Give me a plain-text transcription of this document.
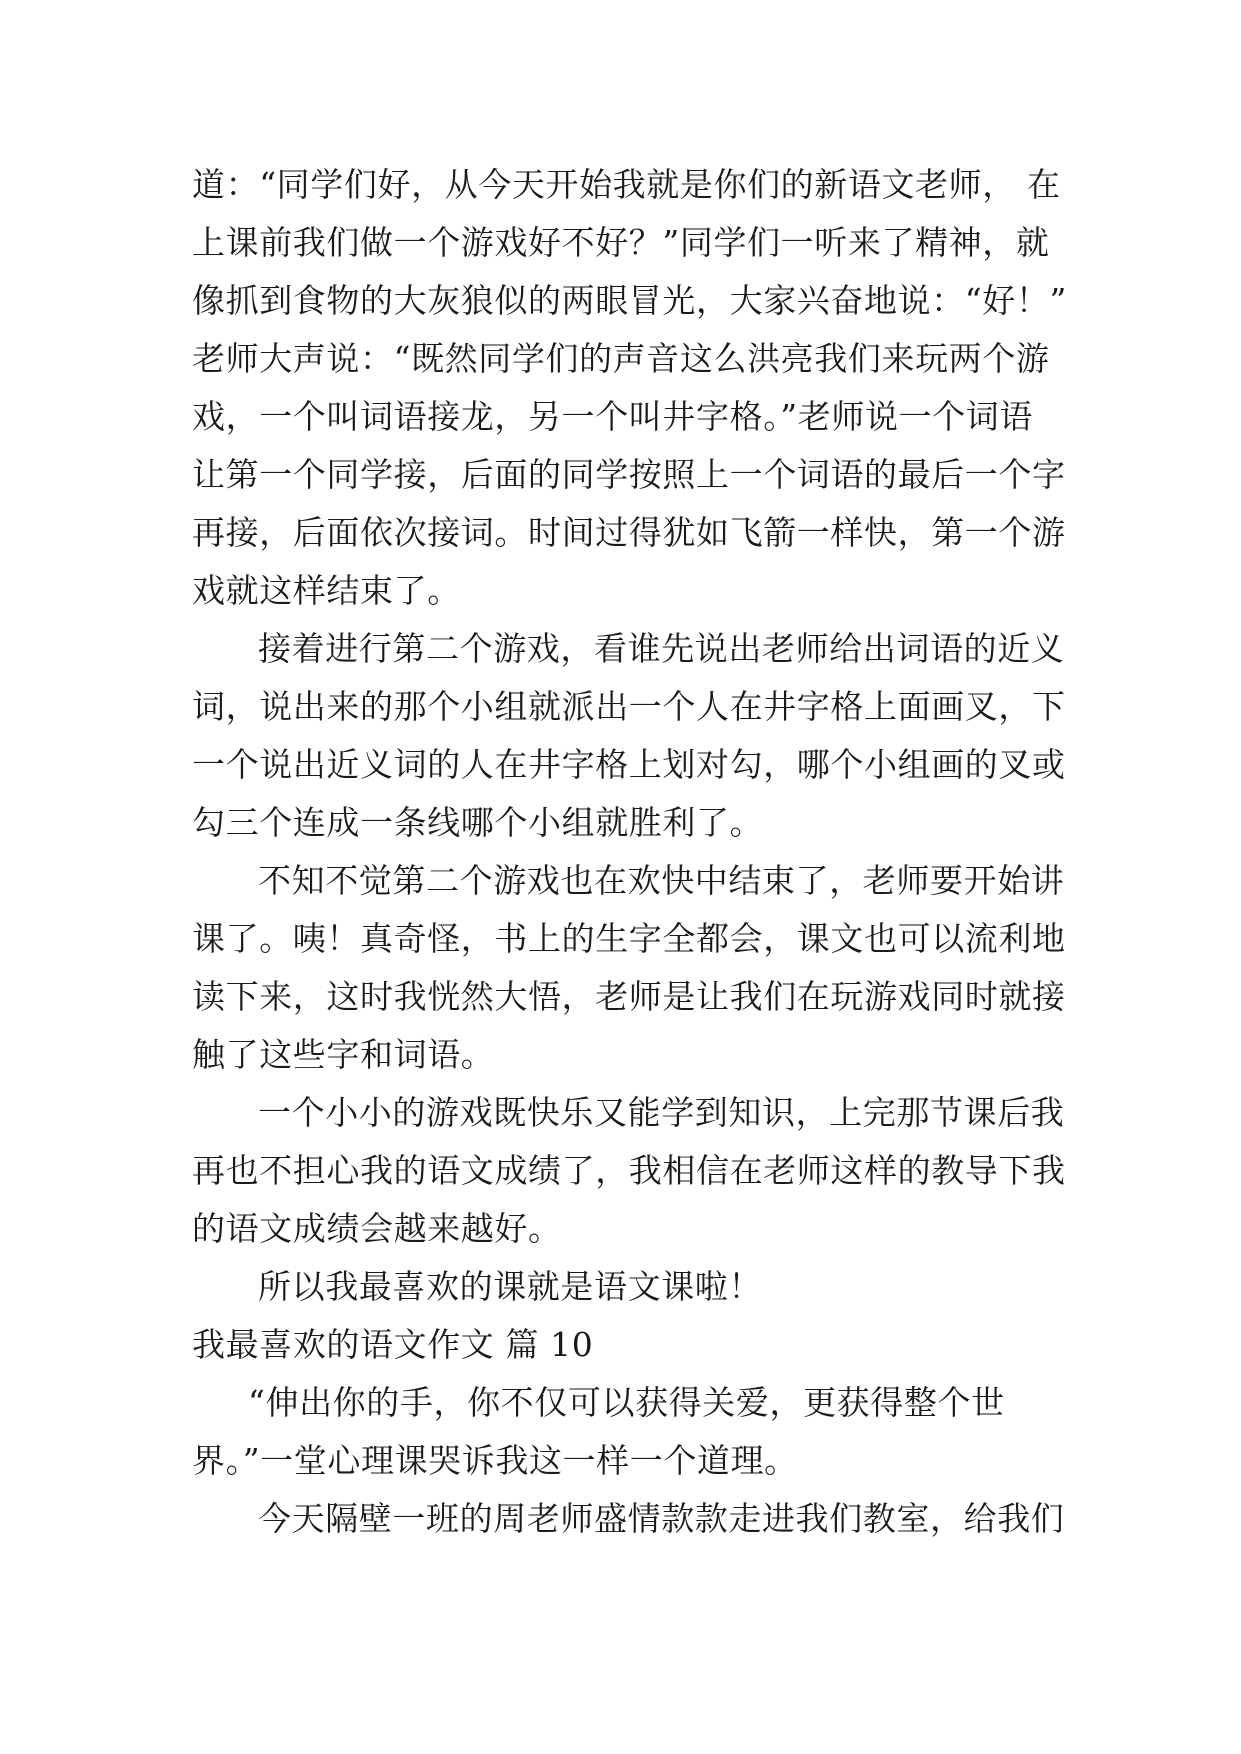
道：“同学们好，从今天开始我就是你们的新语文老师， 在

上课前我们做一个游戏好不好？”同学们一听来了精神，就

像抓到食物的大灰狼似的两眼冒光，大家兴奋地说：“好！”

老师大声说：“既然同学们的声音这么洪亮我们来玩两个游

戏，一个叫词语接龙，另一个叫井字格。”老师说一个词语

让第一个同学接，后面的同学按照上一个词语的最后一个字

再接，后面依次接词。时间过得犹如飞箭一样快，第一个游

戏就这样结束了。

接着进行第二个游戏，看谁先说出老师给出词语的近义

词，说出来的那个小组就派出一个人在井字格上面画叉，下

一个说出近义词的人在井字格上划对勾，哪个小组画的叉或

勾三个连成一条线哪个小组就胜利了。

不知不觉第二个游戏也在欢快中结束了，老师要开始讲

课了。咦！真奇怪，书上的生字全都会，课文也可以流利地

读下来，这时我恍然大悟，老师是让我们在玩游戏同时就接

触了这些字和词语。

一个小小的游戏既快乐又能学到知识，上完那节课后我

再也不担心我的语文成绩了，我相信在老师这样的教导下我

的语文成绩会越来越好。

所以我最喜欢的课就是语文课啦！

我最喜欢的语文作文 篇 10

“伸出你的手，你不仅可以获得关爱，更获得整个世

界。”一堂心理课哭诉我这一样一个道理。

今天隔壁一班的周老师盛情款款走进我们教室，给我们
